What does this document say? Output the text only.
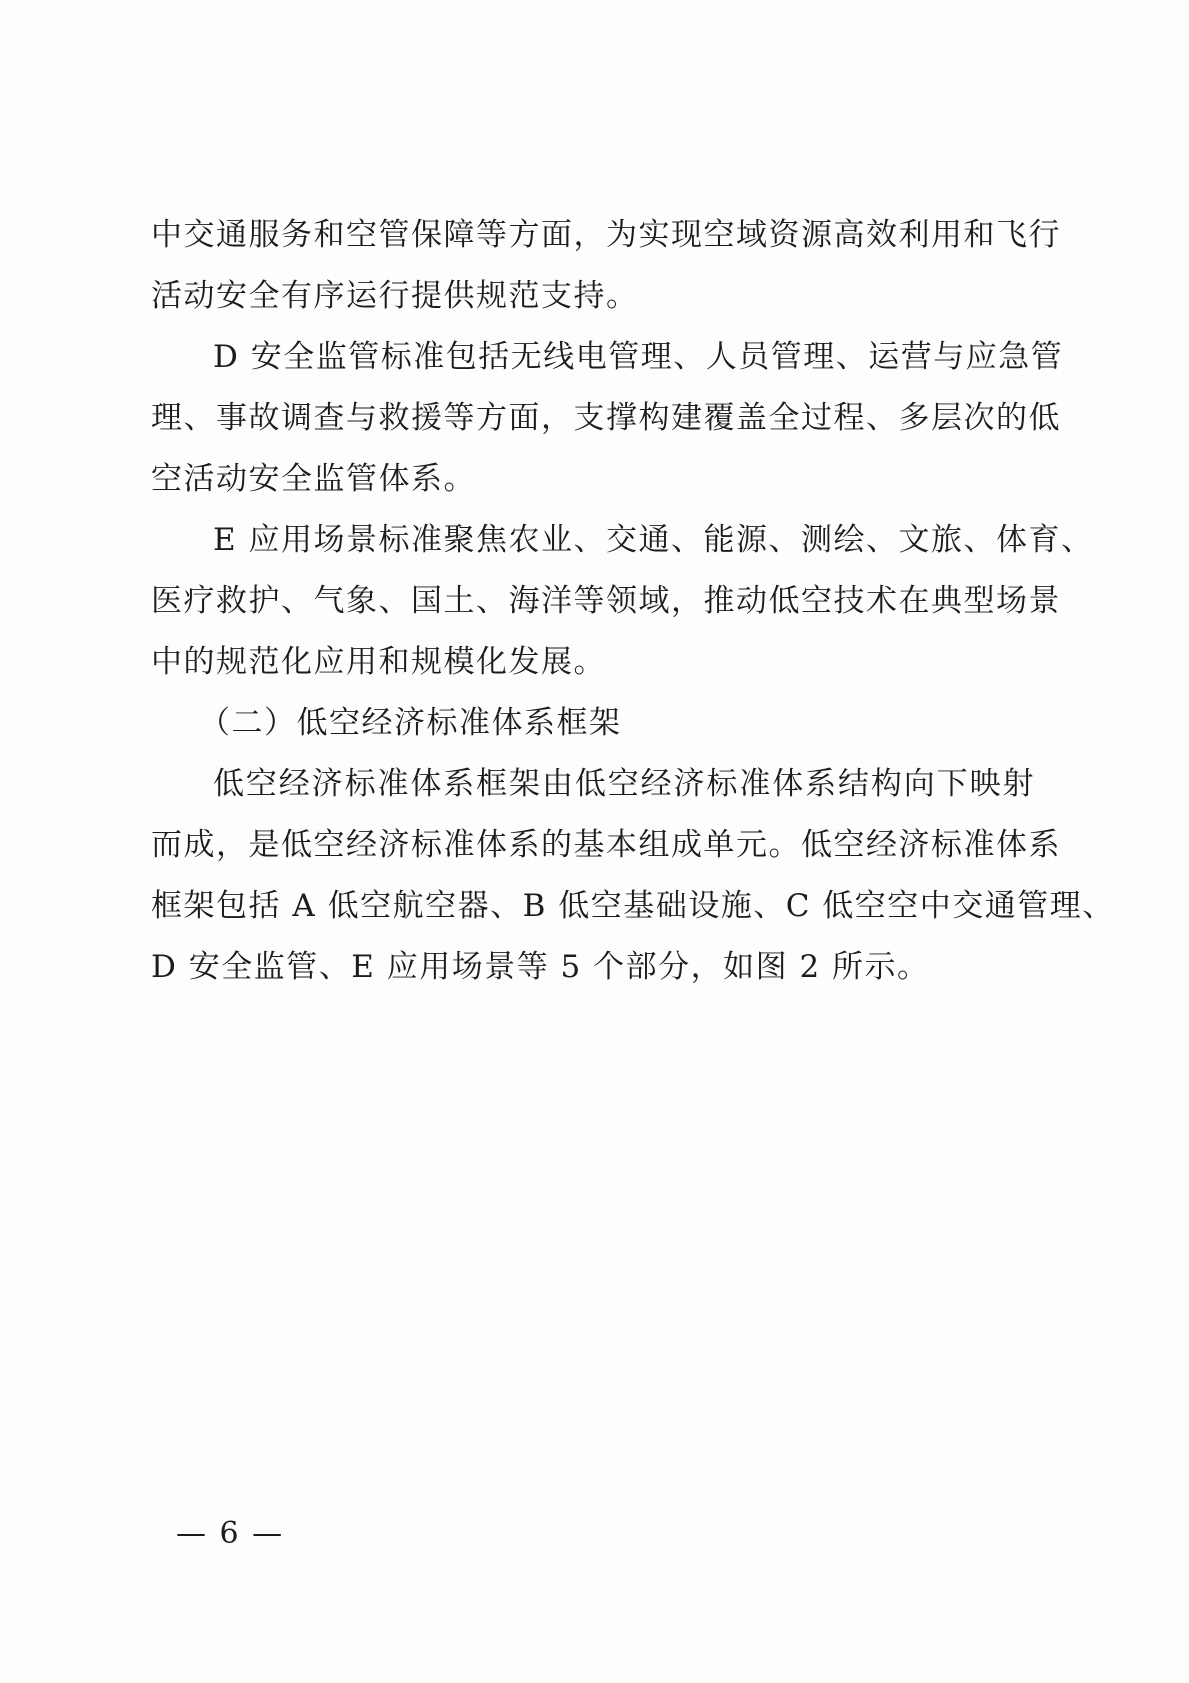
中交通服务和空管保障等方面，为实现空域资源高效利用和飞行
活动安全有序运行提供规范支持。
D 安全监管标准包括无线电管理、人员管理、运营与应急管
理、事故调查与救援等方面，支撑构建覆盖全过程、多层次的低
空活动安全监管体系。
E 应用场景标准聚焦农业、交通、能源、测绘、文旅、体育、
医疗救护、气象、国土、海洋等领域，推动低空技术在典型场景
中的规范化应用和规模化发展。
（二）低空经济标准体系框架
低空经济标准体系框架由低空经济标准体系结构向下映射
而成，是低空经济标准体系的基本组成单元。低空经济标准体系
框架包括 A 低空航空器、B 低空基础设施、C 低空空中交通管理、
D 安全监管、E 应用场景等 5 个部分，如图 2 所示。
— 6 —
